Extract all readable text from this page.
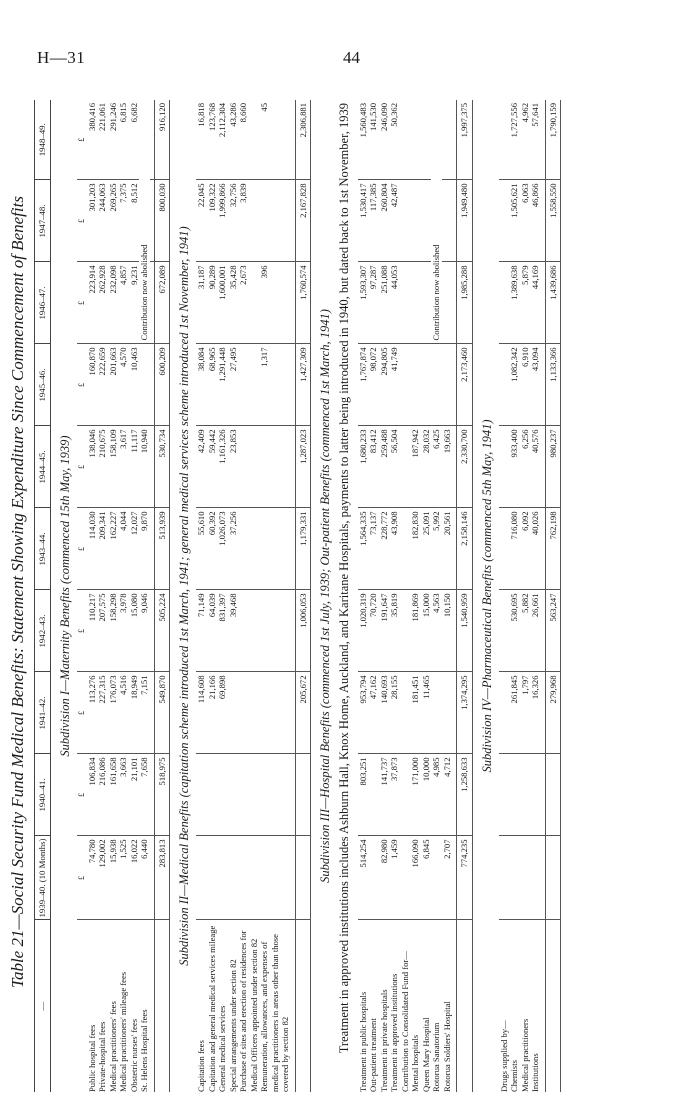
H—31	44
Table 21—Social Security Fund Medical Benefits: Statement Showing Expenditure Since Commencement of Benefits
—	1939–40. (10 Months)	1940–41.	1941–42.	1942–43.	1943–44.	1944–45.	1945–46.	1946–47.	1947–48.	1948–49.
Subdivision I—Maternity Benefits (commenced 15th May, 1939)										
	£	£	£	£	£	£	£	£	£	£
Public hospital fees	74,780	106,834	113,276	110,217	114,030	138,046	160,870	223,914	301,203	380,416
Private-hospital fees	129,002	216,086	227,315	207,575	209,341	210,675	222,659	262,928	244,063	221,061
Medical practitioners' fees	15,938	161,658	176,073	158,298	162,227	158,109	201,663	232,098	269,265	291,246
Medical practitioners' mileage fees	1,525	3,663	4,516	3,978	4,044	3,617	4,570	4,857	7,375	6,815
Obstetric nurses' fees	16,022	21,101	18,949	15,080	12,027	11,117	10,463	9,231	8,512	6,682
St. Helens Hospital fees	6,440	7,658	7,151	9,046	9,870	10,940		Contribution now abolished		

	283,813	518,975	549,870	505,224	513,939	530,734	600,209	672,089	800,030	916,120
Subdivision II—Medical Benefits (capitation scheme introduced 1st March, 1941; general medical services scheme introduced 1st November, 1941)										
Capitation fees			114,608	71,149	55,610	42,409	38,084	31,187	22,045	16,818
Capitation and general medical services mileage			21,166	64,039	60,392	59,442	68,965	90,289	109,322	123,768
General medical services			69,898	831,397	1,026,073	1,161,326	1,291,448	1,600,001	1,999,866	2,112,304
Special arrangements under section 82				39,468	37,256	23,853	27,495	35,428	32,756	43,286
Purchase of sites and erection of residences for Medical Officers appointed under section 82								2,673	3,839	8,660
Remuneration, allowances, and expenses of medical practitioners in areas other than those covered by section 82							1,317	396		45

			205,672	1,006,053	1,179,331	1,287,023	1,427,309	1,760,574	2,167,828	2,306,881
Subdivision III—Hospital Benefits (commenced 1st July, 1939; Out-patient Benefits (commenced 1st March, 1941)										
Treatment in approved institutions includes Ashburn Hall, Knox Home, Auckland, and Karitane Hospitals, payments to latter being introduced in 1940, but dated back to 1st November, 1939										
Treatment in public hospitals	514,254	803,251	953,794	1,020,319	1,564,335	1,680,233	1,767,874	1,593,307	1,530,417	1,560,483
Out-patient treatment			47,162	70,720	73,137	83,412	98,072	97,287	117,385	141,530
Treatment in private hospitals	82,980	141,737	140,693	191,647	228,772	259,488	294,805	251,088	260,804	246,090
Treatment in approved institutions	1,459	37,873	28,155	35,819	43,908	56,504	41,749	44,053	42,487	50,362
Contribution to Consolidated Fund for—										
Mental hospitals	166,090	171,000	181,451	181,869	182,830	187,942				
Queen Mary Hospital	6,845	10,000	11,465	15,000	25,091	28,032				
Rotorua Sanatorium		4,985		4,563	5,992	6,425		Contribution now abolished		
Rotorua Soldiers' Hospital	2,707	4,712		10,150	20,561	19,663				

	774,235	1,258,633	1,374,295	1,540,959	2,158,146	2,330,700	2,173,460	1,985,288	1,949,480	1,997,375
Subdivision IV—Pharmaceutical Benefits (commenced 5th May, 1941)										
Drugs supplied by—										
Chemists			261,845	530,695	716,080	933,400	1,082,342	1,389,638	1,505,621	1,727,556
Medical practitioners			1,797	5,882	6,092	6,256	6,910	5,879	6,063	4,962
Institutions			16,326	26,661	40,026	40,576	43,094	44,169	46,866	57,641

			279,968	563,247	762,198	980,237	1,133,366	1,439,686	1,558,550	1,790,159
